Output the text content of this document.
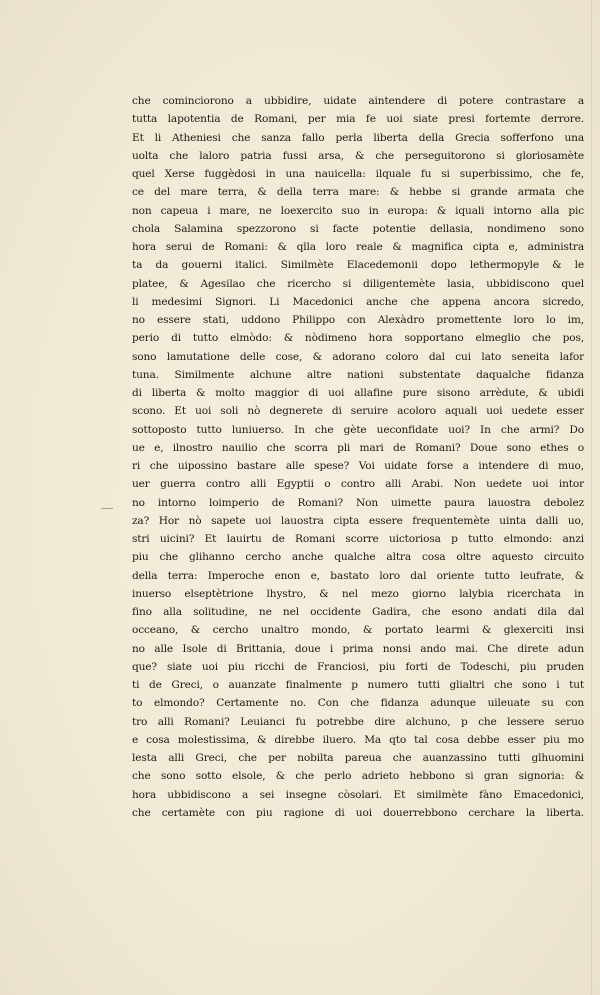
che cominciorono a ubbidire, uidate aintendere di potere contrastare a
tutta lapotentia de Romani, per mia fe uoi siate presi fortemte derrore.
Et li Atheniesi che sanza fallo perla liberta della Grecia sofferfono una
uolta che laloro patria fussi arsa, & che perseguitorono si gloriosamète
quel Xerse fuggèdosi in una nauicella: ilquale fu si superbissimo, che fe,
ce del mare terra, & della terra mare: & hebbe si grande armata che
non capeua i mare, ne loexercito suo in europa: & iquali intorno alla pic
chola Salamina spezzorono si facte potentie dellasia, nondimeno sono
hora serui de Romani: & qlla loro reale & magnifica cipta e, administra
ta da gouerni italici. Similmète Elacedemonii dopo lethermopyle & le
platee, & Agesilao che ricercho si diligentemète lasia, ubbidiscono quel
li medesimi Signori. Li Macedonici anche che appena ancora sicredo,
no essere stati, uddono Philippo con Alexàdro promettente loro lo im,
perio di tutto elmòdo: & nòdimeno hora sopportano elmeglio che pos,
sono lamutatione delle cose, & adorano coloro dal cui lato seneita lafor
tuna. Similmente alchune altre nationi substentate daqualche fidanza
di liberta & molto maggior di uoi allafine pure sisono arrèdute, & ubidi
scono. Et uoi soli nò degnerete di seruire acoloro aquali uoi uedete esser
sottoposto tutto luniuerso. In che gète ueconfidate uoi? In che armi? Do
ue e, ilnostro nauilio che scorra pli mari de Romani? Doue sono ethes o
ri che uipossino bastare alle spese? Voi uidate forse a intendere di muo,
uer guerra contro alli Egyptii o contro alli Arabi. Non uedete uoi intor
no intorno loimperio de Romani? Non uimette paura lauostra debolez
za? Hor nò sapete uoi lauostra cipta essere frequentemète uinta dalli uo,
stri uicini? Et lauirtu de Romani scorre uictoriosa p tutto elmondo: anzi
piu che glihanno cercho anche qualche altra cosa oltre aquesto circuito
della terra: Imperoche enon e, bastato loro dal oriente tutto leufrate, &
inuerso elseptètrione lhystro, & nel mezo giorno lalybia ricerchata in
fino alla solitudine, ne nel occidente Gadira, che esono andati dila dal
occeano, & cercho unaltro mondo, & portato learmi & glexerciti insi
no alle Isole di Brittania, doue i prima nonsi ando mai. Che direte adun
que? siate uoi piu ricchi de Franciosi, piu forti de Todeschi, piu pruden
ti de Greci, o auanzate finalmente p numero tutti glialtri che sono i tut
to elmondo? Certamente no. Con che fidanza adunque uileuate su con
tro alli Romani? Leuianci fu potrebbe dire alchuno, p che lessere seruo
e cosa molestissima, & direbbe iluero. Ma qto tal cosa debbe esser piu mo
lesta alli Greci, che per nobilta pareua che auanzassino tutti glhuomini
che sono sotto elsole, & che perlo adrieto hebbono si gran signoria: &
hora ubbidiscono a sei insegne còsolari. Et similmète fàno Emacedonici,
che certamète con piu ragione di uoi douerrebbono cerchare la liberta.
